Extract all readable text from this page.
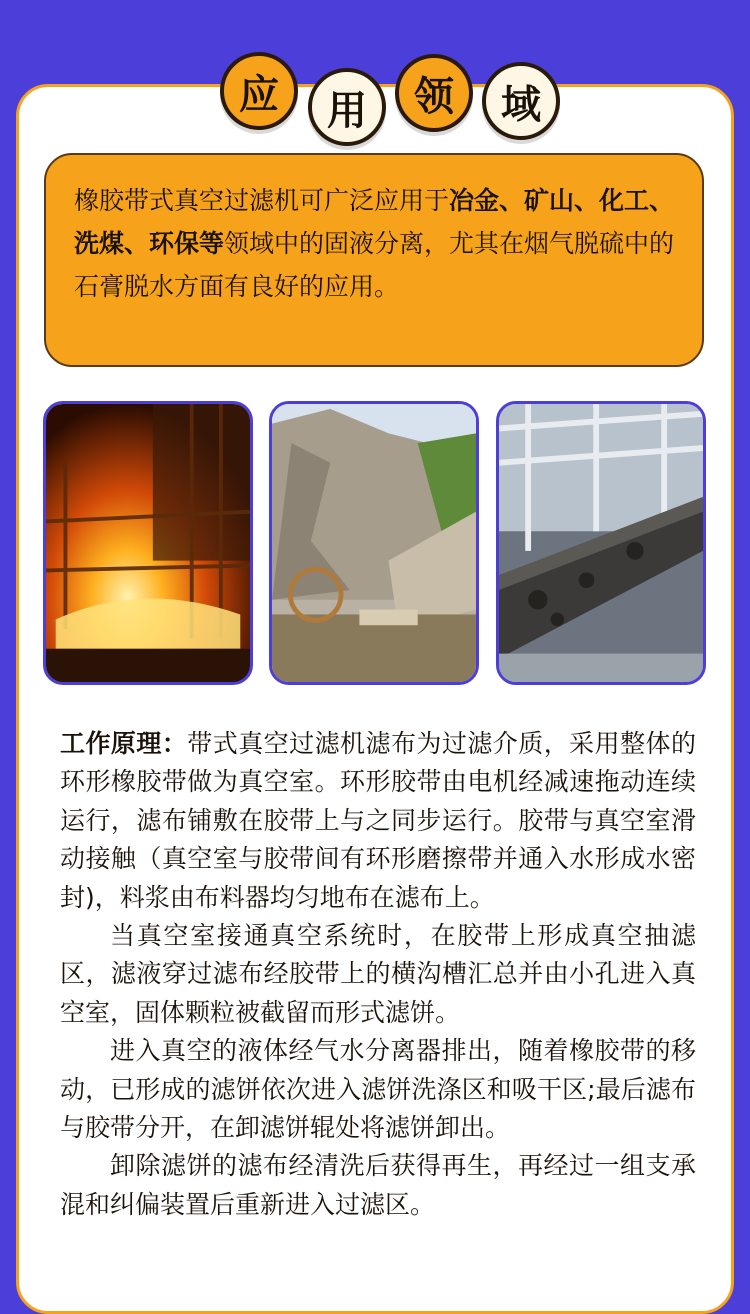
应	用	领	域
橡胶带式真空过滤机可广泛应用于冶金、矿山、化工、洗煤、环保等领域中的固液分离，尤其在烟气脱硫中的石膏脱水方面有良好的应用。

工作原理：带式真空过滤机滤布为过滤介质，采用整体的环形橡胶带做为真空室。环形胶带由电机经减速拖动连续运行，滤布铺敷在胶带上与之同步运行。胶带与真空室滑动接触（真空室与胶带间有环形磨擦带并通入水形成水密封)，料浆由布料器均匀地布在滤布上。

当真空室接通真空系统时，在胶带上形成真空抽滤区，滤液穿过滤布经胶带上的横沟槽汇总并由小孔进入真空室，固体颗粒被截留而形式滤饼。

进入真空的液体经气水分离器排出，随着橡胶带的移动，已形成的滤饼依次进入滤饼洗涤区和吸干区;最后滤布与胶带分开，在卸滤饼辊处将滤饼卸出。

卸除滤饼的滤布经清洗后获得再生，再经过一组支承混和纠偏装置后重新进入过滤区。
